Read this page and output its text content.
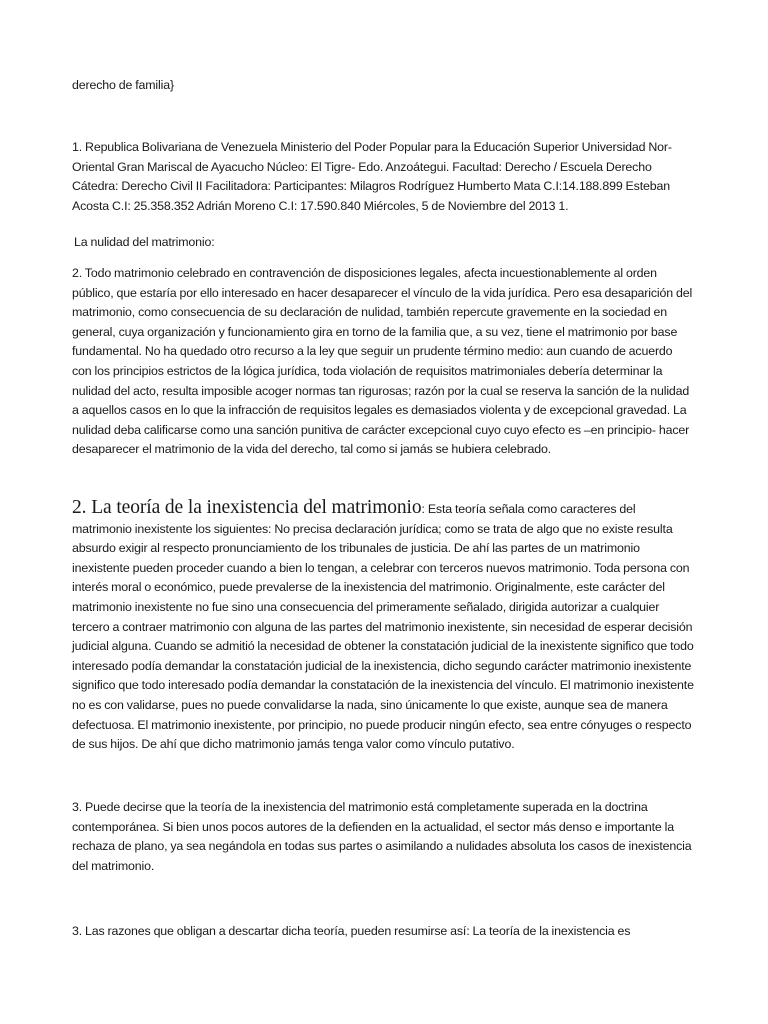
derecho de familia}

1. Republica Bolivariana de Venezuela Ministerio del Poder Popular para la Educación Superior Universidad Nor-Oriental Gran Mariscal de Ayacucho Núcleo: El Tigre- Edo. Anzoátegui. Facultad: Derecho / Escuela Derecho Cátedra: Derecho Civil II Facilitadora: Participantes: Milagros Rodríguez Humberto Mata C.I:14.188.899 Esteban Acosta C.I: 25.358.352 Adrián Moreno C.I: 17.590.840 Miércoles, 5 de Noviembre del 2013 1.

La nulidad del matrimonio:

2. Todo matrimonio celebrado en contravención de disposiciones legales, afecta incuestionablemente al orden público, que estaría por ello interesado en hacer desaparecer el vínculo de la vida jurídica. Pero esa desaparición del matrimonio, como consecuencia de su declaración de nulidad, también repercute gravemente en la sociedad en general, cuya organización y funcionamiento gira en torno de la familia que, a su vez, tiene el matrimonio por base fundamental. No ha quedado otro recurso a la ley que seguir un prudente término medio: aun cuando de acuerdo con los principios estrictos de la lógica jurídica, toda violación de requisitos matrimoniales debería determinar la nulidad del acto, resulta imposible acoger normas tan rigurosas; razón por la cual se reserva la sanción de la nulidad a aquellos casos en lo que la infracción de requisitos legales es demasiados violenta y de excepcional gravedad. La nulidad deba calificarse como una sanción punitiva de carácter excepcional cuyo cuyo efecto es –en principio- hacer desaparecer el matrimonio de la vida del derecho, tal como si jamás se hubiera celebrado.

2. La teoría de la inexistencia del matrimonio: Esta teoría señala como caracteres del matrimonio inexistente los siguientes: No precisa declaración jurídica; como se trata de algo que no existe resulta absurdo exigir al respecto pronunciamiento de los tribunales de justicia. De ahí las partes de un matrimonio inexistente pueden proceder cuando a bien lo tengan, a celebrar con terceros nuevos matrimonio. Toda persona con interés moral o económico, puede prevalerse de la inexistencia del matrimonio. Originalmente, este carácter del matrimonio inexistente no fue sino una consecuencia del primeramente señalado, dirigida autorizar a cualquier tercero a contraer matrimonio con alguna de las partes del matrimonio inexistente, sin necesidad de esperar decisión judicial alguna. Cuando se admitió la necesidad de obtener la constatación judicial de la inexistente significo que todo interesado podía demandar la constatación judicial de la inexistencia, dicho segundo carácter matrimonio inexistente significo que todo interesado podía demandar la constatación de la inexistencia del vínculo. El matrimonio inexistente no es con validarse, pues no puede convalidarse la nada, sino únicamente lo que existe, aunque sea de manera defectuosa. El matrimonio inexistente, por principio, no puede producir ningún efecto, sea entre cónyuges o respecto de sus hijos. De ahí que dicho matrimonio jamás tenga valor como vínculo putativo.

3. Puede decirse que la teoría de la inexistencia del matrimonio está completamente superada en la doctrina contemporánea. Si bien unos pocos autores de la defienden en la actualidad, el sector más denso e importante la rechaza de plano, ya sea negándola en todas sus partes o asimilando a nulidades absoluta los casos de inexistencia del matrimonio.

3. Las razones que obligan a descartar dicha teoría, pueden resumirse así: La teoría de la inexistencia es
